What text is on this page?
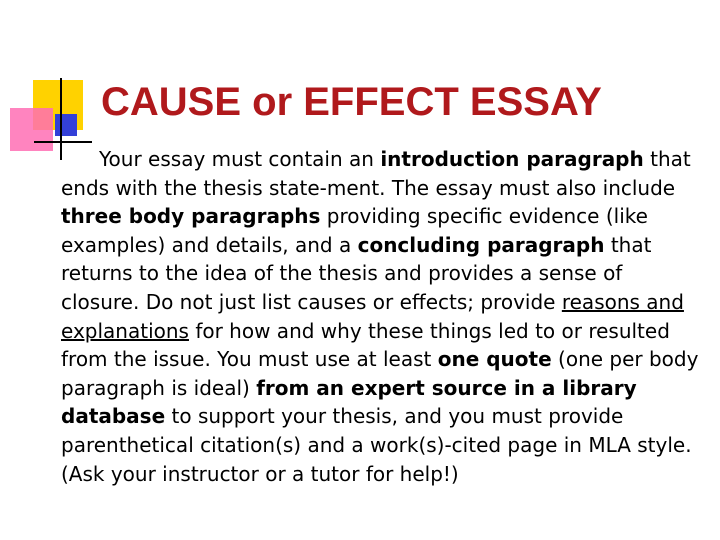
CAUSE or EFFECT ESSAY

Your essay must contain an introduction paragraph that ends with the thesis state-ment. The essay must also include three body paragraphs providing specific evidence (like examples) and details, and a concluding paragraph that returns to the idea of the thesis and provides a sense of closure. Do not just list causes or effects; provide reasons and explanations for how and why these things led to or resulted from the issue. You must use at least one quote (one per body paragraph is ideal) from an expert source in a library database to support your thesis, and you must provide parenthetical citation(s) and a work(s)-cited page in MLA style. (Ask your instructor or a tutor for help!)
